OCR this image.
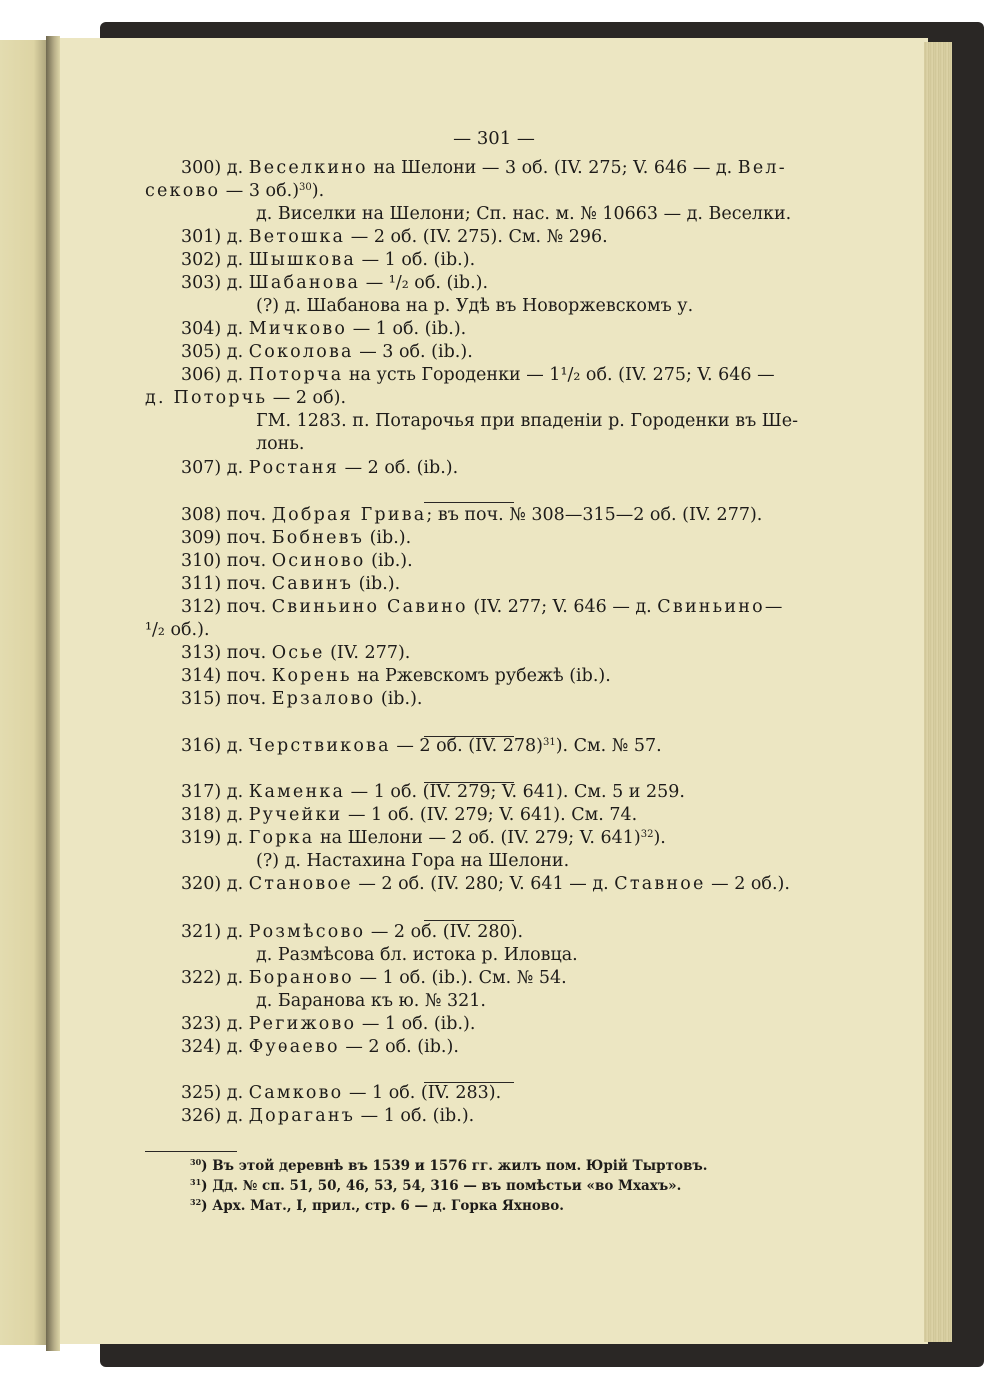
— 301 —
300) д. Веселкино на Шелони — 3 об. (IV. 275; V. 646 — д. Вел-
секово — 3 об.)$^{30}$).
д. Виселки на Шелони; Сп. нас. м. № 10663 — д. Веселки.
301) д. Ветошка — 2 об. (IV. 275). См. № 296.
302) д. Шышкова — 1 об. (ib.).
303) д. Шабанова — ¹/₂ об. (ib.).
(?) д. Шабанова на р. Удѣ въ Новоржевскомъ у.
304) д. Мичково — 1 об. (ib.).
305) д. Соколова — 3 об. (ib.).
306) д. Поторча на усть Городенки — 1¹/₂ об. (IV. 275; V. 646 —
д. Поторчь — 2 об).
ГМ. 1283. п. Потарочья при впаденіи р. Городенки въ Ше-
лонь.
307) д. Ростаня — 2 об. (ib.).
308) поч. Добрая Грива; въ поч. № 308—315—2 об. (IV. 277).
309) поч. Бобневъ (ib.).
310) поч. Осиново (ib.).
311) поч. Савинъ (ib.).
312) поч. Свиньино Савино (IV. 277; V. 646 — д. Свиньино—
¹/₂ об.).
313) поч. Осье (IV. 277).
314) поч. Корень на Ржевскомъ рубежѣ (ib.).
315) поч. Ерзалово (ib.).
316) д. Черствикова — 2 об. (IV. 278)$^{31}$). См. № 57.
317) д. Каменка — 1 об. (IV. 279; V. 641). См. 5 и 259.
318) д. Ручейки — 1 об. (IV. 279; V. 641). См. 74.
319) д. Горка на Шелони — 2 об. (IV. 279; V. 641)$^{32}$).
(?) д. Настахина Гора на Шелони.
320) д. Становое — 2 об. (IV. 280; V. 641 — д. Ставное — 2 об.).
321) д. Розмѣсово — 2 об. (IV. 280).
д. Размѣсова бл. истока р. Иловца.
322) д. Бораново — 1 об. (ib.). См. № 54.
д. Баранова къ ю. № 321.
323) д. Регижово — 1 об. (ib.).
324) д. Фуѳаево — 2 об. (ib.).
325) д. Самково — 1 об. (IV. 283).
326) д. Дораганъ — 1 об. (ib.).
$^{30}$) Въ этой деревнѣ въ 1539 и 1576 гг. жилъ пом. Юрій Тыртовъ.
$^{31}$) Дд. № сп. 51, 50, 46, 53, 54, 316 — въ помѣстьи «во Мхахъ».
$^{32}$) Арх. Мат., I, прил., стр. 6 — д. Горка Яхново.
